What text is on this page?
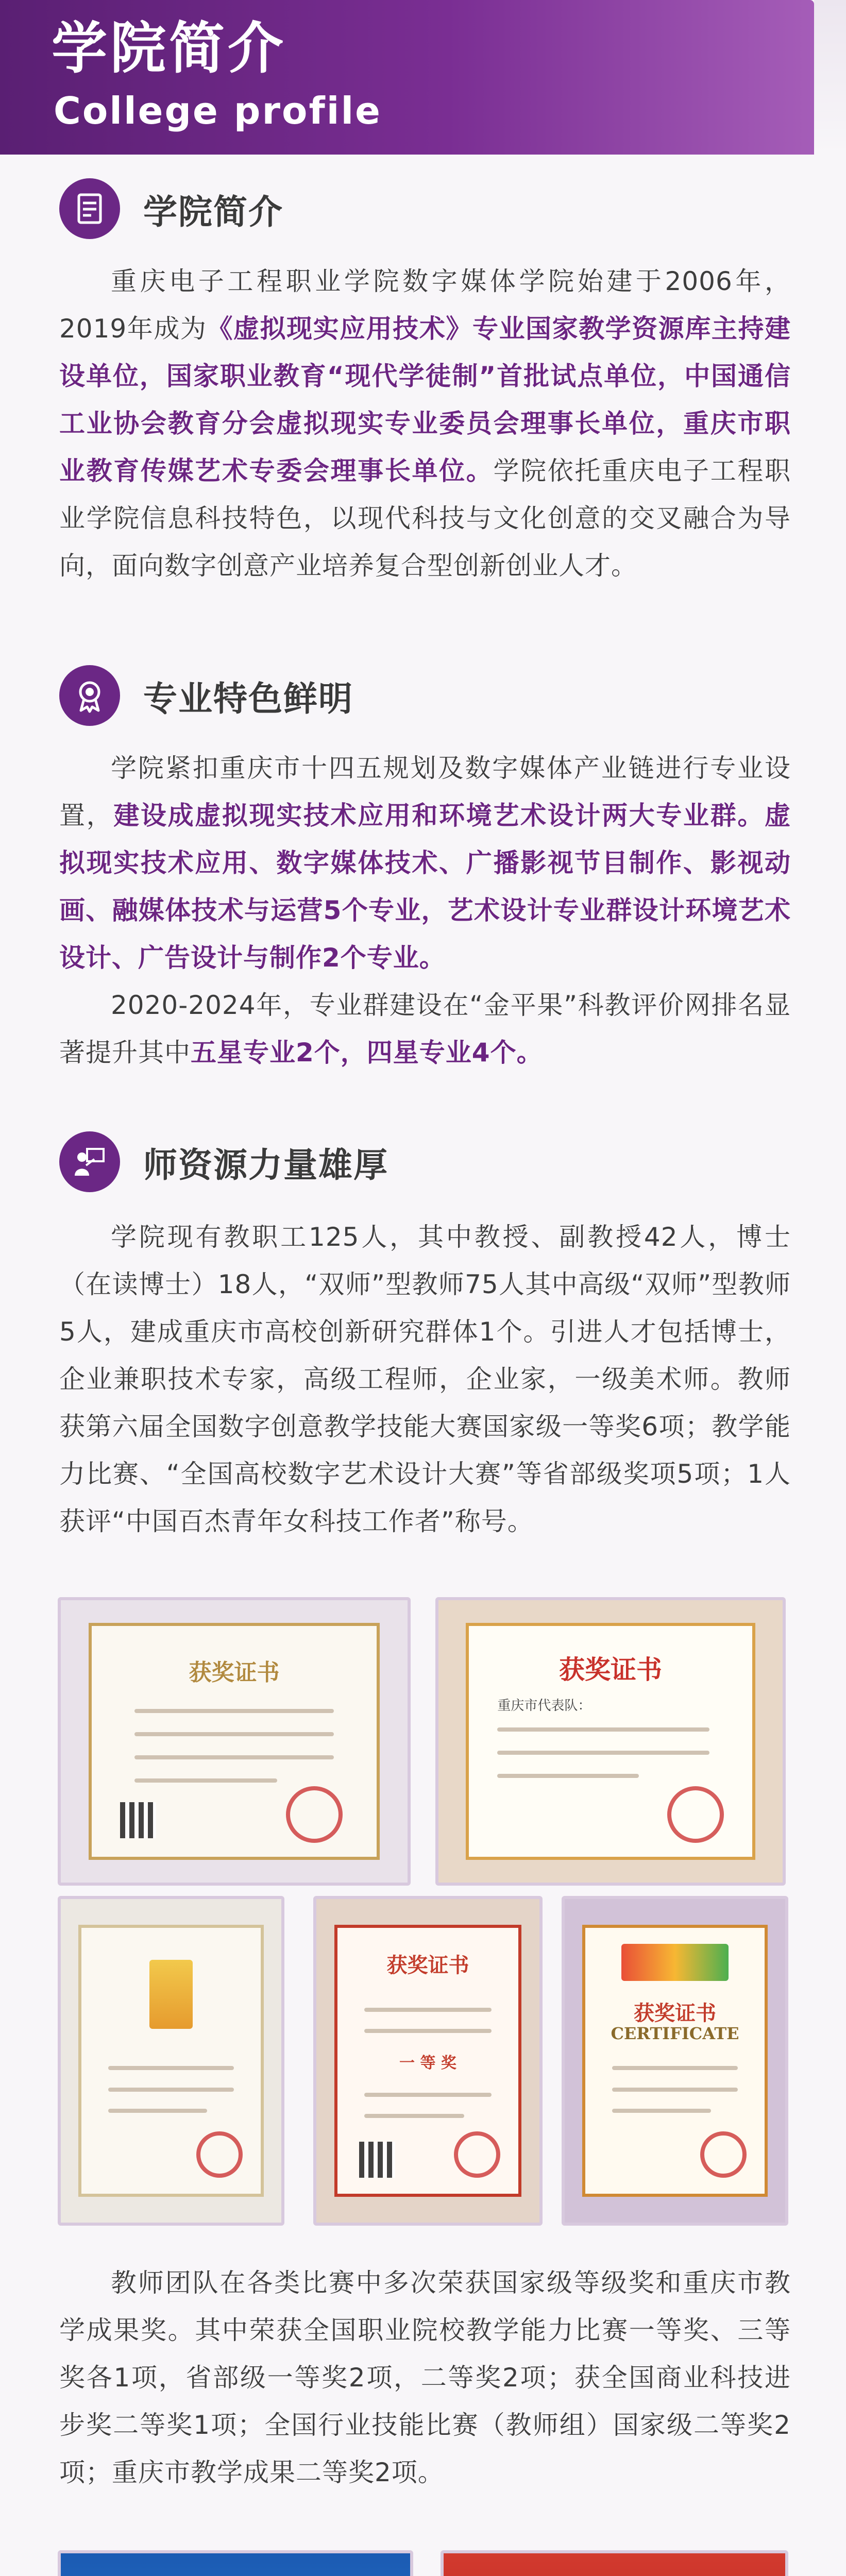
学院简介
College profile
学院简介

重庆电子工程职业学院数字媒体学院始建于2006年，2019年成为《虚拟现实应用技术》专业国家教学资源库主持建设单位，国家职业教育“现代学徒制”首批试点单位，中国通信工业协会教育分会虚拟现实专业委员会理事长单位，重庆市职业教育传媒艺术专委会理事长单位。学院依托重庆电子工程职业学院信息科技特色，以现代科技与文化创意的交叉融合为导向，面向数字创意产业培养复合型创新创业人才。

专业特色鲜明

学院紧扣重庆市十四五规划及数字媒体产业链进行专业设置，建设成虚拟现实技术应用和环境艺术设计两大专业群。虚拟现实技术应用、数字媒体技术、广播影视节目制作、影视动画、融媒体技术与运营5个专业，艺术设计专业群设计环境艺术设计、广告设计与制作2个专业。

2020-2024年，专业群建设在“金平果”科教评价网排名显著提升其中五星专业2个，四星专业4个。

师资源力量雄厚

学院现有教职工125人，其中教授、副教授42人，博士（在读博士）18人，“双师”型教师75人其中高级“双师”型教师5人，建成重庆市高校创新研究群体1个。引进人才包括博士，企业兼职技术专家，高级工程师，企业家，一级美术师。教师获第六届全国数字创意教学技能大赛国家级一等奖6项；教学能力比赛、“全国高校数字艺术设计大赛”等省部级奖项5项；1人获评“中国百杰青年女科技工作者”称号。

获奖证书	获奖证书
重庆市代表队：
获奖证书
一 等 奖
获奖证书
CERTIFICATE

教师团队在各类比赛中多次荣获国家级等级奖和重庆市教学成果奖。其中荣获全国职业院校教学能力比赛一等奖、三等奖各1项，省部级一等奖2项，二等奖2项；获全国商业科技进步奖二等奖1项；全国行业技能比赛（教师组）国家级二等奖2项；重庆市教学成果二等奖2项。
